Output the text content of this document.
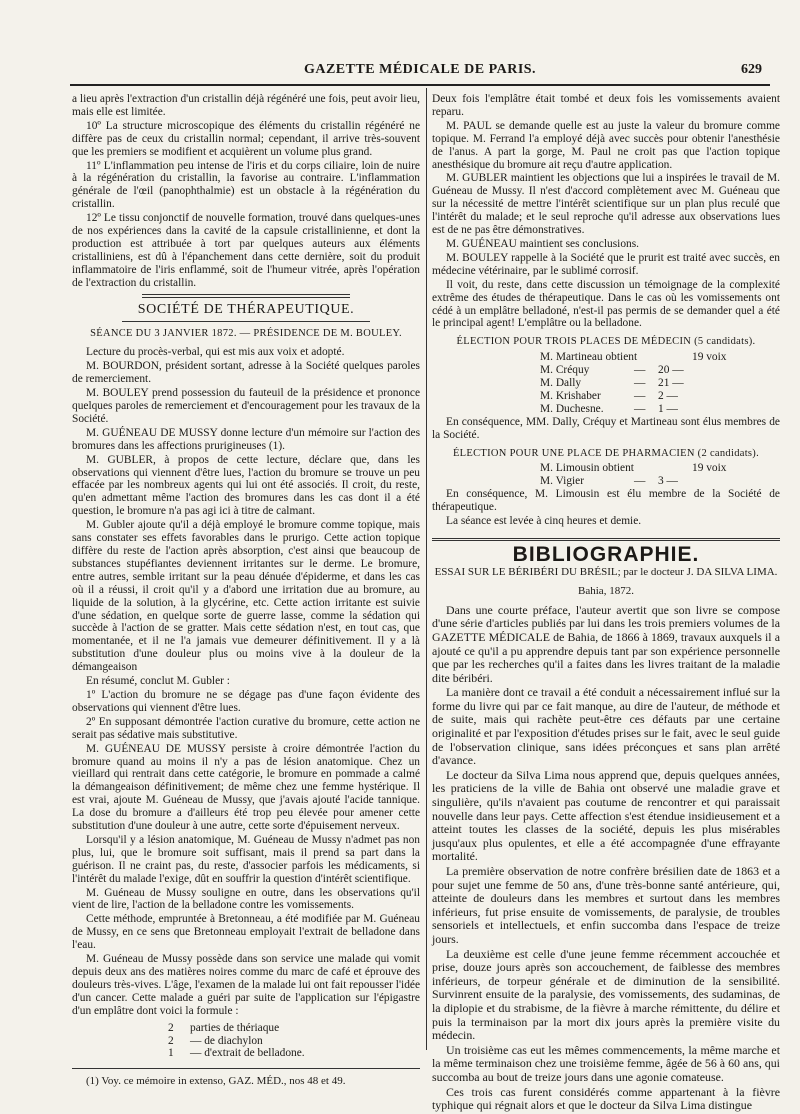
GAZETTE MÉDICALE DE PARIS.	629

a lieu après l'extraction d'un cristallin déjà régénéré une fois, peut avoir lieu, mais elle est limitée.

10º La structure microscopique des éléments du cristallin régénéré ne diffère pas de ceux du cristallin normal; cependant, il arrive très-souvent que les premiers se modifient et acquièrent un volume plus grand.

11º L'inflammation peu intense de l'iris et du corps ciliaire, loin de nuire à la régénération du cristallin, la favorise au contraire. L'inflammation générale de l'œil (panophthalmie) est un obstacle à la régénération du cristallin.

12º Le tissu conjonctif de nouvelle formation, trouvé dans quelques-unes de nos expériences dans la cavité de la capsule cristallinienne, et dont la production est attribuée à tort par quelques auteurs aux éléments cristalliniens, est dû à l'épanchement dans cette dernière, soit du produit inflammatoire de l'iris enflammé, soit de l'humeur vitrée, après l'opération de l'extraction du cristallin.

SOCIÉTÉ DE THÉRAPEUTIQUE.
SÉANCE DU 3 JANVIER 1872. — PRÉSIDENCE DE M. BOULEY.

Lecture du procès-verbal, qui est mis aux voix et adopté.

M. BOURDON, président sortant, adresse à la Société quelques paroles de remerciement.

M. BOULEY prend possession du fauteuil de la présidence et prononce quelques paroles de remerciement et d'encouragement pour les travaux de la Société.

M. GUÉNEAU DE MUSSY donne lecture d'un mémoire sur l'action des bromures dans les affections prurigineuses (1).

M. GUBLER, à propos de cette lecture, déclare que, dans les observations qui viennent d'être lues, l'action du bromure se trouve un peu effacée par les nombreux agents qui lui ont été associés. Il croit, du reste, qu'en admettant même l'action des bromures dans les cas dont il a été question, le bromure n'a pas agi ici à titre de calmant.

M. Gubler ajoute qu'il a déjà employé le bromure comme topique, mais sans constater ses effets favorables dans le prurigo. Cette action topique diffère du reste de l'action après absorption, c'est ainsi que beaucoup de substances stupéfiantes deviennent irritantes sur le derme. Le bromure, entre autres, semble irritant sur la peau dénuée d'épiderme, et dans les cas où il a réussi, il croit qu'il y a d'abord une irritation due au bromure, au liquide de la solution, à la glycérine, etc. Cette action irritante est suivie d'une sédation, en quelque sorte de guerre lasse, comme la sédation qui succède à l'action de se gratter. Mais cette sédation n'est, en tout cas, que momentanée, et il ne l'a jamais vue demeurer définitivement. Il y a là substitution d'une douleur plus ou moins vive à la douleur de la démangeaison

En résumé, conclut M. Gubler :

1º L'action du bromure ne se dégage pas d'une façon évidente des observations qui viennent d'être lues.

2º En supposant démontrée l'action curative du bromure, cette action ne serait pas sédative mais substitutive.

M. GUÉNEAU DE MUSSY persiste à croire démontrée l'action du bromure quand au moins il n'y a pas de lésion anatomique. Chez un vieillard qui rentrait dans cette catégorie, le bromure en pommade a calmé la démangeaison définitivement; de même chez une femme hystérique. Il est vrai, ajoute M. Guéneau de Mussy, que j'avais ajouté l'acide tannique. La dose du bromure a d'ailleurs été trop peu élevée pour amener cette substitution d'une douleur à une autre, cette sorte d'épuisement nerveux.

Lorsqu'il y a lésion anatomique, M. Guéneau de Mussy n'admet pas non plus, lui, que le bromure soit suffisant, mais il prend sa part dans la guérison. Il ne craint pas, du reste, d'associer parfois les médicaments, si l'intérêt du malade l'exige, dût en souffrir la question d'intérêt scientifique.

M. Guéneau de Mussy souligne en outre, dans les observations qu'il vient de lire, l'action de la belladone contre les vomissements.

Cette méthode, empruntée à Bretonneau, a été modifiée par M. Guéneau de Mussy, en ce sens que Bretonneau employait l'extrait de belladone dans l'eau.

M. Guéneau de Mussy possède dans son service une malade qui vomit depuis deux ans des matières noires comme du marc de café et éprouve des douleurs très-vives. L'âge, l'examen de la malade lui ont fait repousser l'idée d'un cancer. Cette malade a guéri par suite de l'application sur l'épigastre d'un emplâtre dont voici la formule :

2	parties de thériaque
2	— de diachylon
1	— d'extrait de belladone.

(1) Voy. ce mémoire in extenso, GAZ. MÉD., nos 48 et 49.

Deux fois l'emplâtre était tombé et deux fois les vomissements avaient reparu.

M. PAUL se demande quelle est au juste la valeur du bromure comme topique. M. Ferrand l'a employé déjà avec succès pour obtenir l'anesthésie de l'anus. A part la gorge, M. Paul ne croit pas que l'action topique anesthésique du bromure ait reçu d'autre application.

M. GUBLER maintient les objections que lui a inspirées le travail de M. Guéneau de Mussy. Il n'est d'accord complètement avec M. Guéneau que sur la nécessité de mettre l'intérêt scientifique sur un plan plus reculé que l'intérêt du malade; et le seul reproche qu'il adresse aux observations lues est de ne pas être démonstratives.

M. GUÉNEAU maintient ses conclusions.

M. BOULEY rappelle à la Société que le prurit est traité avec succès, en médecine vétérinaire, par le sublimé corrosif.

Il voit, du reste, dans cette discussion un témoignage de la complexité extrême des études de thérapeutique. Dans le cas où les vomissements ont cédé à un emplâtre belladoné, n'est-il pas permis de se demander quel a été le principal agent! L'emplâtre ou la belladone.

ÉLECTION POUR TROIS PLACES DE MÉDECIN (5 candidats).
M. Martineau obtient	19 voix
M. Créquy	—	20 —
M. Dally	—	21 —
M. Krishaber	—	2 —
M. Duchesne.	—	1 —

En conséquence, MM. Dally, Créquy et Martineau sont élus membres de la Société.

ÉLECTION POUR UNE PLACE DE PHARMACIEN (2 candidats).
M. Limousin obtient	19 voix
M. Vigier	—	3 —

En conséquence, M. Limousin est élu membre de la Société de thérapeutique.

La séance est levée à cinq heures et demie.

BIBLIOGRAPHIE.
ESSAI SUR LE BÉRIBÉRI DU BRÉSIL; par le docteur J. DA SILVA LIMA.
Bahia, 1872.

Dans une courte préface, l'auteur avertit que son livre se compose d'une série d'articles publiés par lui dans les trois premiers volumes de la GAZETTE MÉDICALE de Bahia, de 1866 à 1869, travaux auxquels il a ajouté ce qu'il a pu apprendre depuis tant par son expérience personnelle que par les recherches qu'il a faites dans les livres traitant de la maladie dite béribéri.

La manière dont ce travail a été conduit a nécessairement influé sur la forme du livre qui par ce fait manque, au dire de l'auteur, de méthode et de suite, mais qui rachète peut-être ces défauts par une certaine originalité et par l'exposition d'études prises sur le fait, avec le seul guide de l'observation clinique, sans idées préconçues et sans plan arrêté d'avance.

Le docteur da Silva Lima nous apprend que, depuis quelques années, les praticiens de la ville de Bahia ont observé une maladie grave et singulière, qu'ils n'avaient pas coutume de rencontrer et qui paraissait nouvelle dans leur pays. Cette affection s'est étendue insidieusement et a atteint toutes les classes de la société, depuis les plus misérables jusqu'aux plus opulentes, et elle a été accompagnée d'une effrayante mortalité.

La première observation de notre confrère brésilien date de 1863 et a pour sujet une femme de 50 ans, d'une très-bonne santé antérieure, qui, atteinte de douleurs dans les membres et surtout dans les membres inférieurs, fut prise ensuite de vomissements, de paralysie, de troubles sensoriels et intellectuels, et enfin succomba dans l'espace de treize jours.

La deuxième est celle d'une jeune femme récemment accouchée et prise, douze jours après son accouchement, de faiblesse des membres inférieurs, de torpeur générale et de diminution de la sensibilité. Survinrent ensuite de la paralysie, des vomissements, des sudaminas, de la diplopie et du strabisme, de la fièvre à marche rémittente, du délire et puis la terminaison par la mort dix jours après la première visite du médecin.

Un troisième cas eut les mêmes commencements, la même marche et la même terminaison chez une troisième femme, âgée de 56 à 60 ans, qui succomba au bout de treize jours dans une agonie comateuse.

Ces trois cas furent considérés comme appartenant à la fièvre typhique qui régnait alors et que le docteur da Silva Lima distingue
